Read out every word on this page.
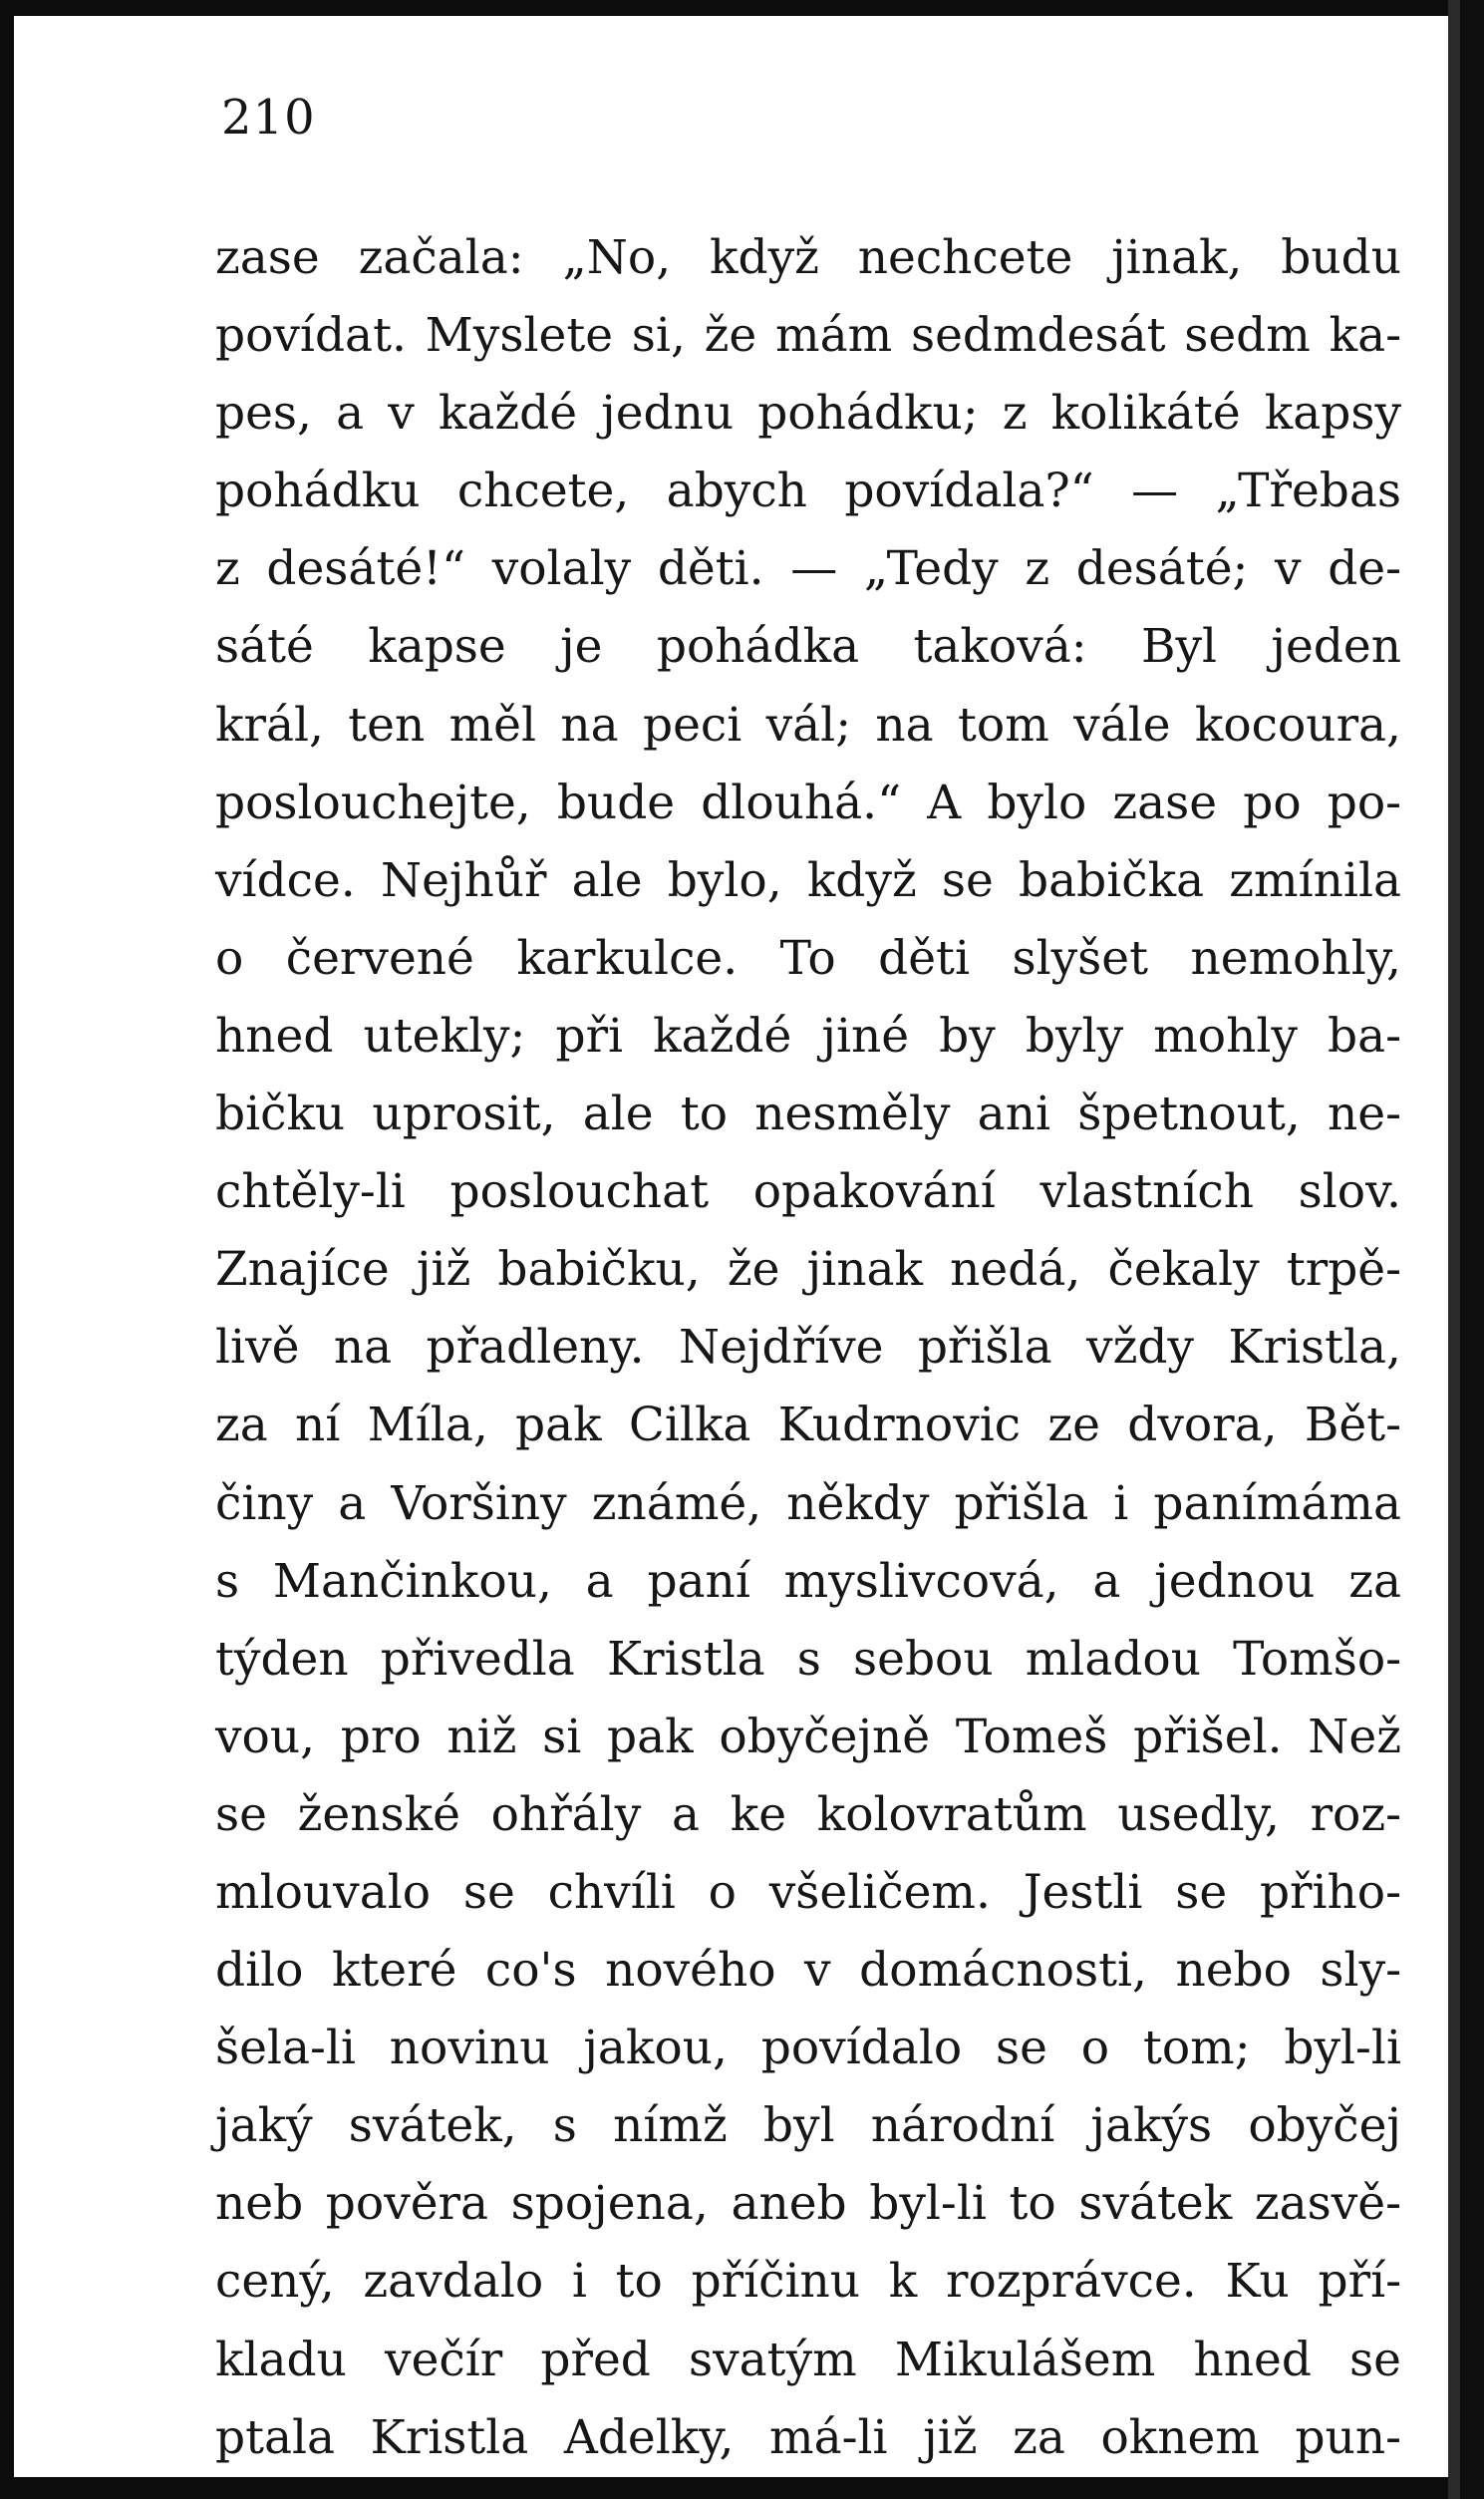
210
zase začala: „No, když nechcete jinak, budu
povídat. Myslete si, že mám sedmdesát sedm ka-
pes, a v každé jednu pohádku; z kolikáté kapsy
pohádku chcete, abych povídala?“ — „Třebas
z desáté!“ volaly děti. — „Tedy z desáté; v de-
sáté kapse je pohádka taková: Byl jeden
král, ten měl na peci vál; na tom vále kocoura,
poslouchejte, bude dlouhá.“ A bylo zase po po-
vídce. Nejhůř ale bylo, když se babička zmínila
o červené karkulce. To děti slyšet nemohly,
hned utekly; při každé jiné by byly mohly ba-
bičku uprosit, ale to nesměly ani špetnout, ne-
chtěly-li poslouchat opakování vlastních slov.
Znajíce již babičku, že jinak nedá, čekaly trpě-
livě na přadleny. Nejdříve přišla vždy Kristla,
za ní Míla, pak Cilka Kudrnovic ze dvora, Bět-
činy a Voršiny známé, někdy přišla i panímáma
s Mančinkou, a paní myslivcová, a jednou za
týden přivedla Kristla s sebou mladou Tomšo-
vou, pro niž si pak obyčejně Tomeš přišel. Než
se ženské ohřály a ke kolovratům usedly, roz-
mlouvalo se chvíli o všeličem. Jestli se přiho-
dilo které co's nového v domácnosti, nebo sly-
šela-li novinu jakou, povídalo se o tom; byl-li
jaký svátek, s nímž byl národní jakýs obyčej
neb pověra spojena, aneb byl-li to svátek zasvě-
cený, zavdalo i to příčinu k rozprávce. Ku pří-
kladu večír před svatým Mikulášem hned se
ptala Kristla Adelky, má-li již za oknem pun-
